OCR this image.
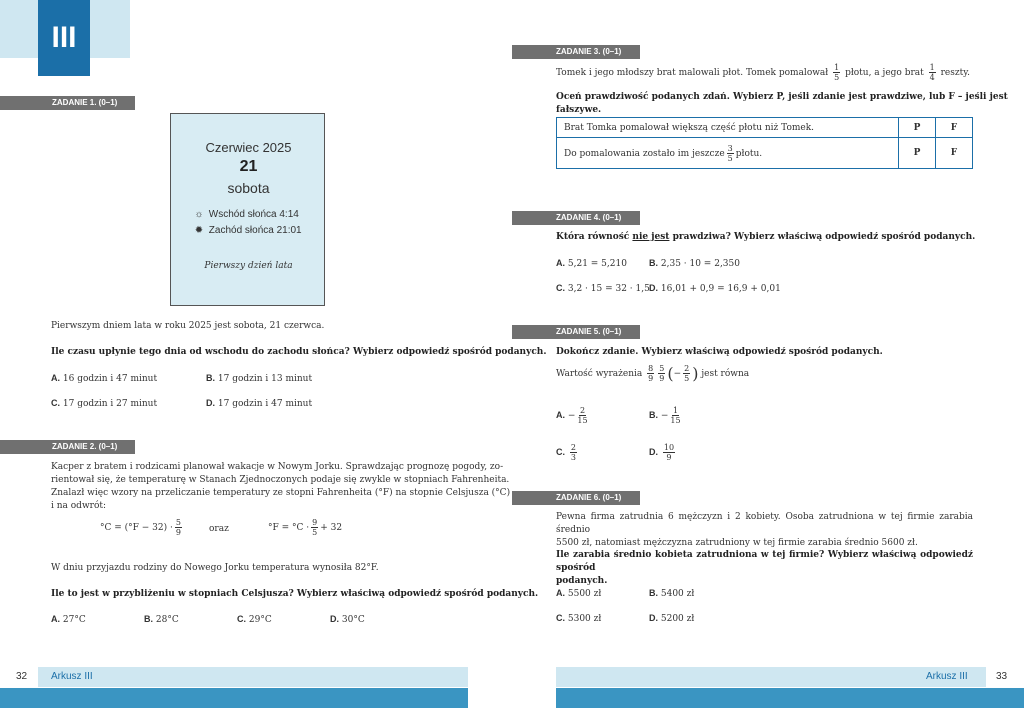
III
ZADANIE 1. (0–1)
Czerwiec 2025
21
sobota
☼ Wschód słońca 4:14
✹ Zachód słońca 21:01
Pierwszy dzień lata
Pierwszym dniem lata w roku 2025 jest sobota, 21 czerwca.
Ile czasu upłynie tego dnia od wschodu do zachodu słońca? Wybierz odpowiedź spośród podanych.
A. 16 godzin i 47 minut	B. 17 godzin i 13 minut
C. 17 godzin i 27 minut	D. 17 godzin i 47 minut
ZADANIE 2. (0–1)
Kacper z bratem i rodzicami planował wakacje w Nowym Jorku. Sprawdzając prognozę pogody, zo-
rientował się, że temperaturę w Stanach Zjednoczonych podaje się zwykle w stopniach Fahrenheita.
Znalazł więc wzory na przeliczanie temperatury ze stopni Fahrenheita (°F) na stopnie Celsjusza (°C)
i na odwrót:
$^\circ C = (^\circ F - 32) \cdot \frac{5}{9}$	oraz	$^\circ F = ^\circ C \cdot \frac{9}{5} + 32$
W dniu przyjazdu rodziny do Nowego Jorku temperatura wynosiła 82°F.
Ile to jest w przybliżeniu w stopniach Celsjusza? Wybierz właściwą odpowiedź spośród podanych.
A. 27°C	B. 28°C	C. 29°C	D. 30°C
ZADANIE 3. (0–1)
Tomek i jego młodszy brat malowali płot. Tomek pomalował $\frac{1}{5}$ płotu, a jego brat $\frac{1}{4}$ reszty.
Oceń prawdziwość podanych zdań. Wybierz P, jeśli zdanie jest prawdziwe, lub F – jeśli jest fałszywe.
Brat Tomka pomalował większą część płotu niż Tomek.	P	F
Do pomalowania zostało im jeszcze $\frac{3}{5}$ płotu.	P	F
ZADANIE 4. (0–1)
Która równość nie jest prawdziwa? Wybierz właściwą odpowiedź spośród podanych.
A. 5,21 = 5,210 B. 2,35 · 10 = 2,350
C. 3,2 · 15 = 32 · 1,5 D. 16,01 + 0,9 = 16,9 + 0,01
ZADANIE 5. (0–1)
Dokończ zdanie. Wybierz właściwą odpowiedź spośród podanych.
Wartość wyrażenia $\frac{8}{9} \frac{5}{9}$ (− $\frac{2}{5}$ ) jest równa
A. − $\frac{2}{15}$	B. − $\frac{1}{15}$
C. $\frac{2}{3}$	D. $\frac{10}{9}$
ZADANIE 6. (0–1)
Pewna firma zatrudnia 6 mężczyzn i 2 kobiety. Osoba zatrudniona w tej firmie zarabia średnio
5500 zł, natomiast mężczyzna zatrudniony w tej firmie zarabia średnio 5600 zł.
Ile zarabia średnio kobieta zatrudniona w tej firmie? Wybierz właściwą odpowiedź spośród
podanych.
A. 5500 zł	B. 5400 zł
C. 5300 zł	D. 5200 zł
32 Arkusz III	Arkusz III	33
